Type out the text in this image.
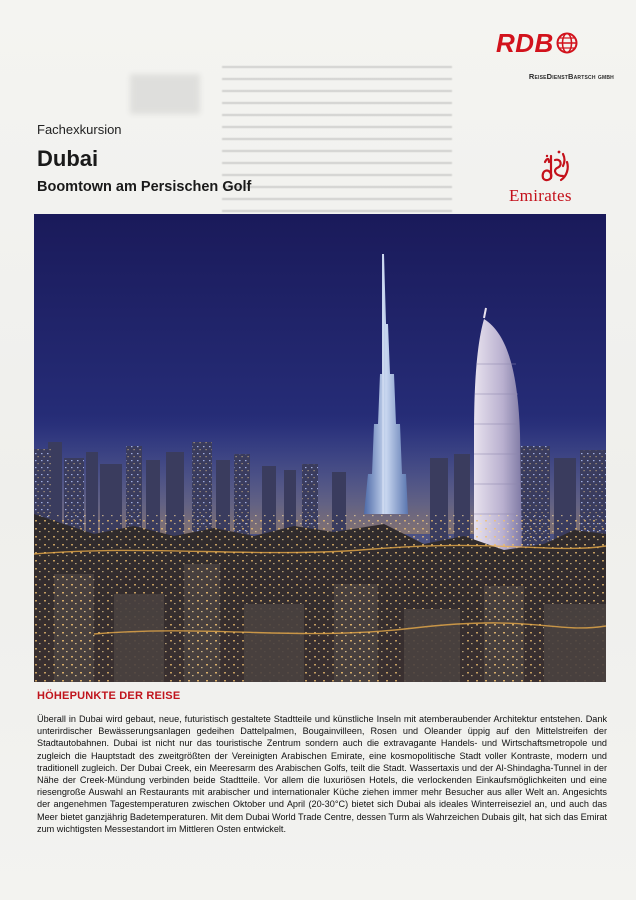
RDB
ReiseDienstBartsch gmbh
Fachexkursion
Dubai
Boomtown am Persischen Golf	Emirates
HÖHEPUNKTE DER REISE

Überall in Dubai wird gebaut, neue, futuristisch gestaltete Stadtteile und künstliche Inseln mit atemberaubender Architektur entstehen. Dank unterirdischer Bewässerungsanlagen gedeihen Dattelpalmen, Bougainvilleen, Rosen und Oleander üppig auf den Mittelstreifen der Stadtautobahnen. Dubai ist nicht nur das touristische Zentrum sondern auch die extravagante Handels- und Wirtschaftsmetropole und zugleich die Hauptstadt des zweitgrößten der Vereinigten Arabischen Emirate, eine kosmopolitische Stadt voller Kontraste, modern und traditionell zugleich. Der Dubai Creek, ein Meeresarm des Arabischen Golfs, teilt die Stadt. Wassertaxis und der Al-Shindagha-Tunnel in der Nähe der Creek-Mündung verbinden beide Stadtteile. Vor allem die luxuriösen Hotels, die verlockenden Einkaufsmöglichkeiten und eine riesengroße Auswahl an Restaurants mit arabischer und internationaler Küche ziehen immer mehr Besucher aus aller Welt an. Angesichts der angenehmen Tagestemperaturen zwischen Oktober und April (20-30°C) bietet sich Dubai als ideales Winterreiseziel an, und auch das Meer bietet ganzjährig Badetemperaturen. Mit dem Dubai World Trade Centre, dessen Turm als Wahrzeichen Dubais gilt, hat sich das Emirat zum wichtigsten Messestandort im Mittleren Osten entwickelt.
